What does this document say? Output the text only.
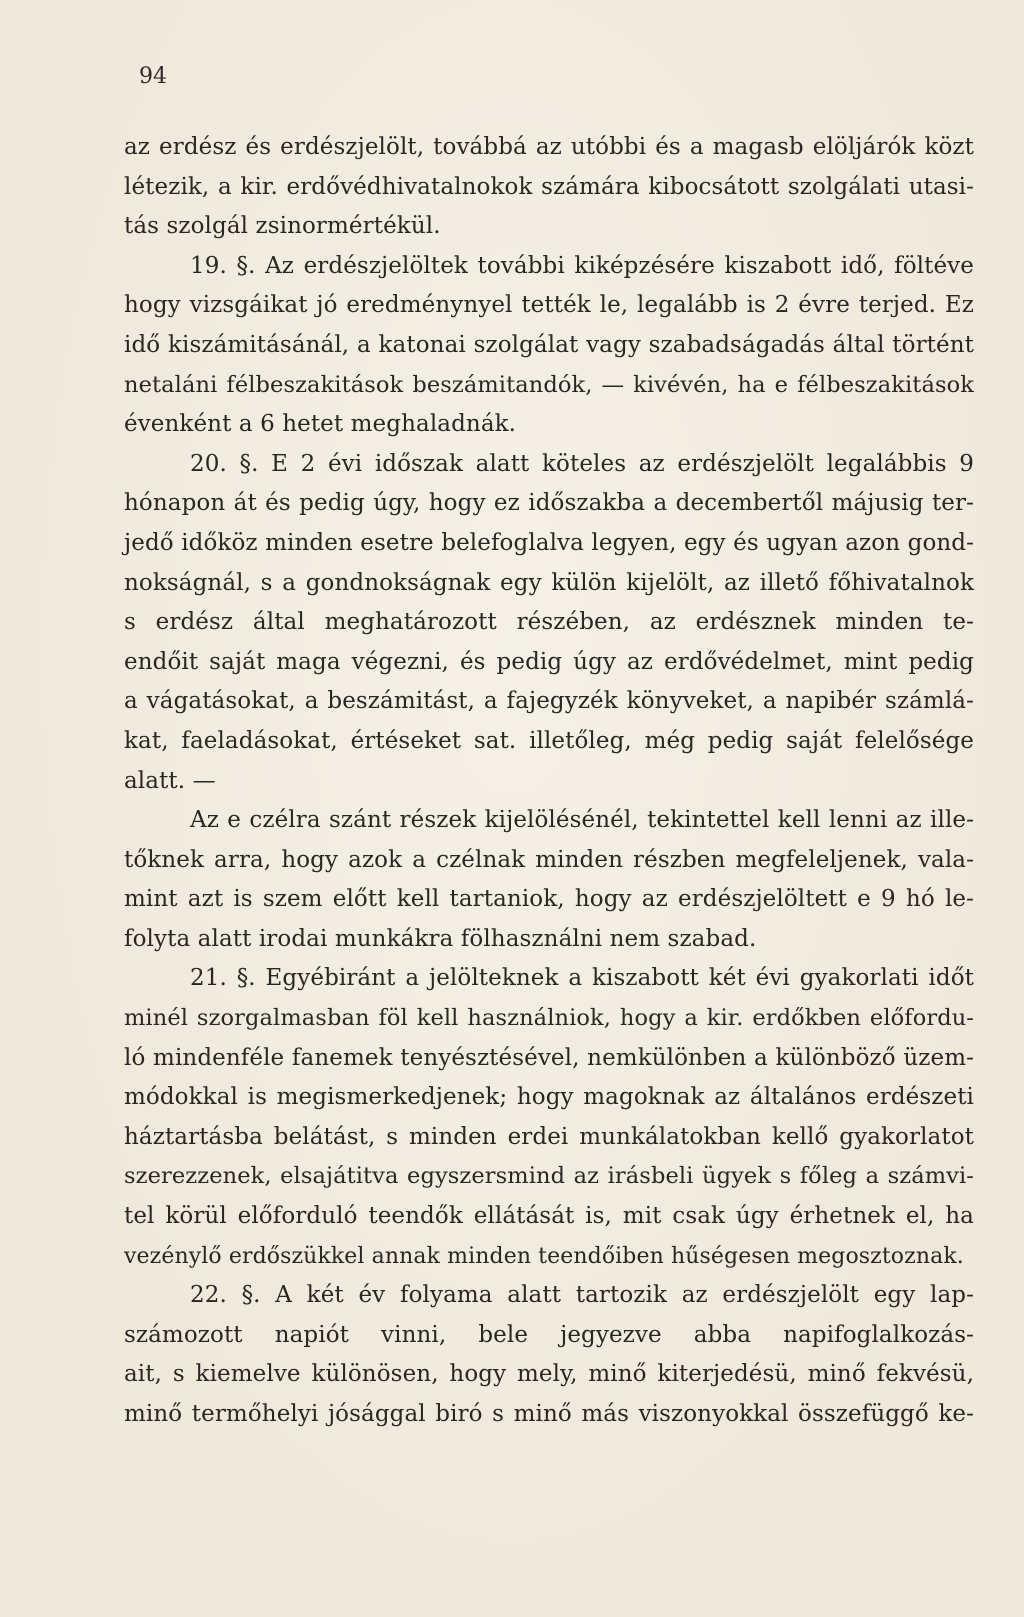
94
az erdész és erdészjelölt, továbbá az utóbbi és a magasb elöljárók közt
létezik, a kir. erdővédhivatalnokok számára kibocsátott szolgálati utasi-
tás szolgál zsinormértékül.
19. §. Az erdészjelöltek további kiképzésére kiszabott idő, föltéve
hogy vizsgáikat jó eredménynyel tették le, legalább is 2 évre terjed. Ez
idő kiszámitásánál, a katonai szolgálat vagy szabadságadás által történt
netaláni félbeszakitások beszámitandók, — kivévén, ha e félbeszakitások
évenként a 6 hetet meghaladnák.
20. §. E 2 évi időszak alatt köteles az erdészjelölt legalábbis 9
hónapon át és pedig úgy, hogy ez időszakba a decembertől májusig ter-
jedő időköz minden esetre belefoglalva legyen, egy és ugyan azon gond-
nokságnál, s a gondnokságnak egy külön kijelölt, az illető főhivatalnok
s erdész által meghatározott részében, az erdésznek minden te-
endőit saját maga végezni, és pedig úgy az erdővédelmet, mint pedig
a vágatásokat, a beszámitást, a fajegyzék könyveket, a napibér számlá-
kat, faeladásokat, értéseket sat. illetőleg, még pedig saját felelősége
alatt. —
Az e czélra szánt részek kijelölésénél, tekintettel kell lenni az ille-
tőknek arra, hogy azok a czélnak minden részben megfeleljenek, vala-
mint azt is szem előtt kell tartaniok, hogy az erdészjelöltett e 9 hó le-
folyta alatt irodai munkákra fölhasználni nem szabad.
21. §. Egyébiránt a jelölteknek a kiszabott két évi gyakorlati időt
minél szorgalmasban föl kell használniok, hogy a kir. erdőkben előfordu-
ló mindenféle fanemek tenyésztésével, nemkülönben a különböző üzem-
módokkal is megismerkedjenek; hogy magoknak az általános erdészeti
háztartásba belátást, s minden erdei munkálatokban kellő gyakorlatot
szerezzenek, elsajátitva egyszersmind az irásbeli ügyek s főleg a számvi-
tel körül előforduló teendők ellátását is, mit csak úgy érhetnek el, ha
vezénylő erdőszükkel annak minden teendőiben hűségesen megosztoznak.
22. §. A két év folyama alatt tartozik az erdészjelölt egy lap-
számozott napiót vinni, bele jegyezve abba napifoglalkozás-
ait, s kiemelve különösen, hogy mely, minő kiterjedésü, minő fekvésü,
minő termőhelyi jósággal biró s minő más viszonyokkal összefüggő ke-
